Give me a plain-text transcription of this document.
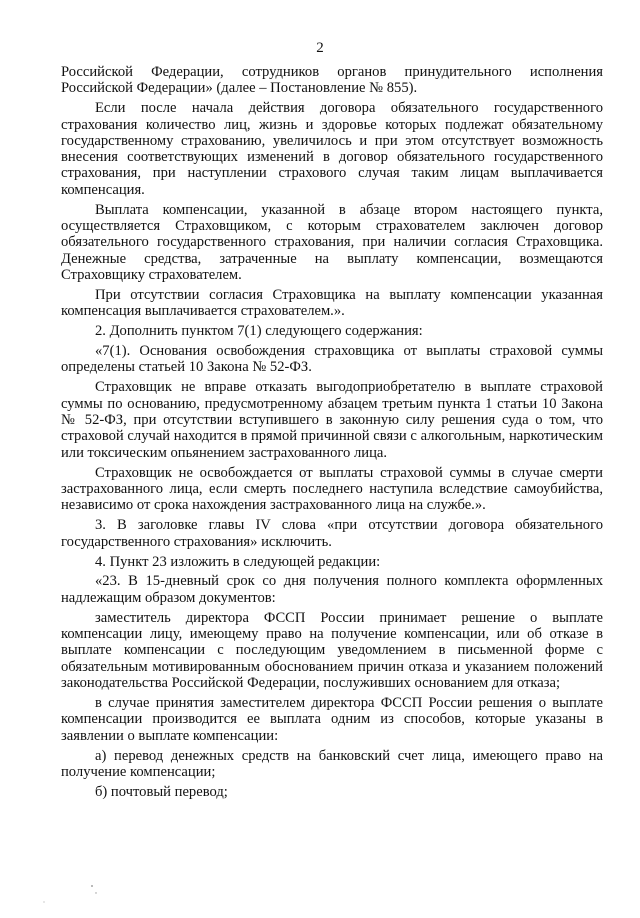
2

Российской Федерации, сотрудников органов принудительного исполнения Российской Федерации» (далее – Постановление № 855).

Если после начала действия договора обязательного государственного страхования количество лиц, жизнь и здоровье которых подлежат обязательному государственному страхованию, увеличилось и при этом отсутствует возможность внесения соответствующих изменений в договор обязательного государственного страхования, при наступлении страхового случая таким лицам выплачивается компенсация.

Выплата компенсации, указанной в абзаце втором настоящего пункта, осуществляется Страховщиком, с которым страхователем заключен договор обязательного государственного страхования, при наличии согласия Страховщика. Денежные средства, затраченные на выплату компенсации, возмещаются Страховщику страхователем.

При отсутствии согласия Страховщика на выплату компенсации указанная компенсация выплачивается страхователем.».

2. Дополнить пунктом 7(1) следующего содержания:

«7(1). Основания освобождения страховщика от выплаты страховой суммы определены статьей 10 Закона № 52-ФЗ.

Страховщик не вправе отказать выгодоприобретателю в выплате страховой суммы по основанию, предусмотренному абзацем третьим пункта 1 статьи 10 Закона № 52-ФЗ, при отсутствии вступившего в законную силу решения суда о том, что страховой случай находится в прямой причинной связи с алкогольным, наркотическим или токсическим опьянением застрахованного лица.

Страховщик не освобождается от выплаты страховой суммы в случае смерти застрахованного лица, если смерть последнего наступила вследствие самоубийства, независимо от срока нахождения застрахованного лица на службе.».

3. В заголовке главы IV слова «при отсутствии договора обязательного государственного страхования» исключить.

4. Пункт 23 изложить в следующей редакции:

«23. В 15-дневный срок со дня получения полного комплекта оформленных надлежащим образом документов:

заместитель директора ФССП России принимает решение о выплате компенсации лицу, имеющему право на получение компенсации, или об отказе в выплате компенсации с последующим уведомлением в письменной форме с обязательным мотивированным обоснованием причин отказа и указанием положений законодательства Российской Федерации, послуживших основанием для отказа;

в случае принятия заместителем директора ФССП России решения о выплате компенсации производится ее выплата одним из способов, которые указаны в заявлении о выплате компенсации:

а) перевод денежных средств на банковский счет лица, имеющего право на получение компенсации;

б) почтовый перевод;
